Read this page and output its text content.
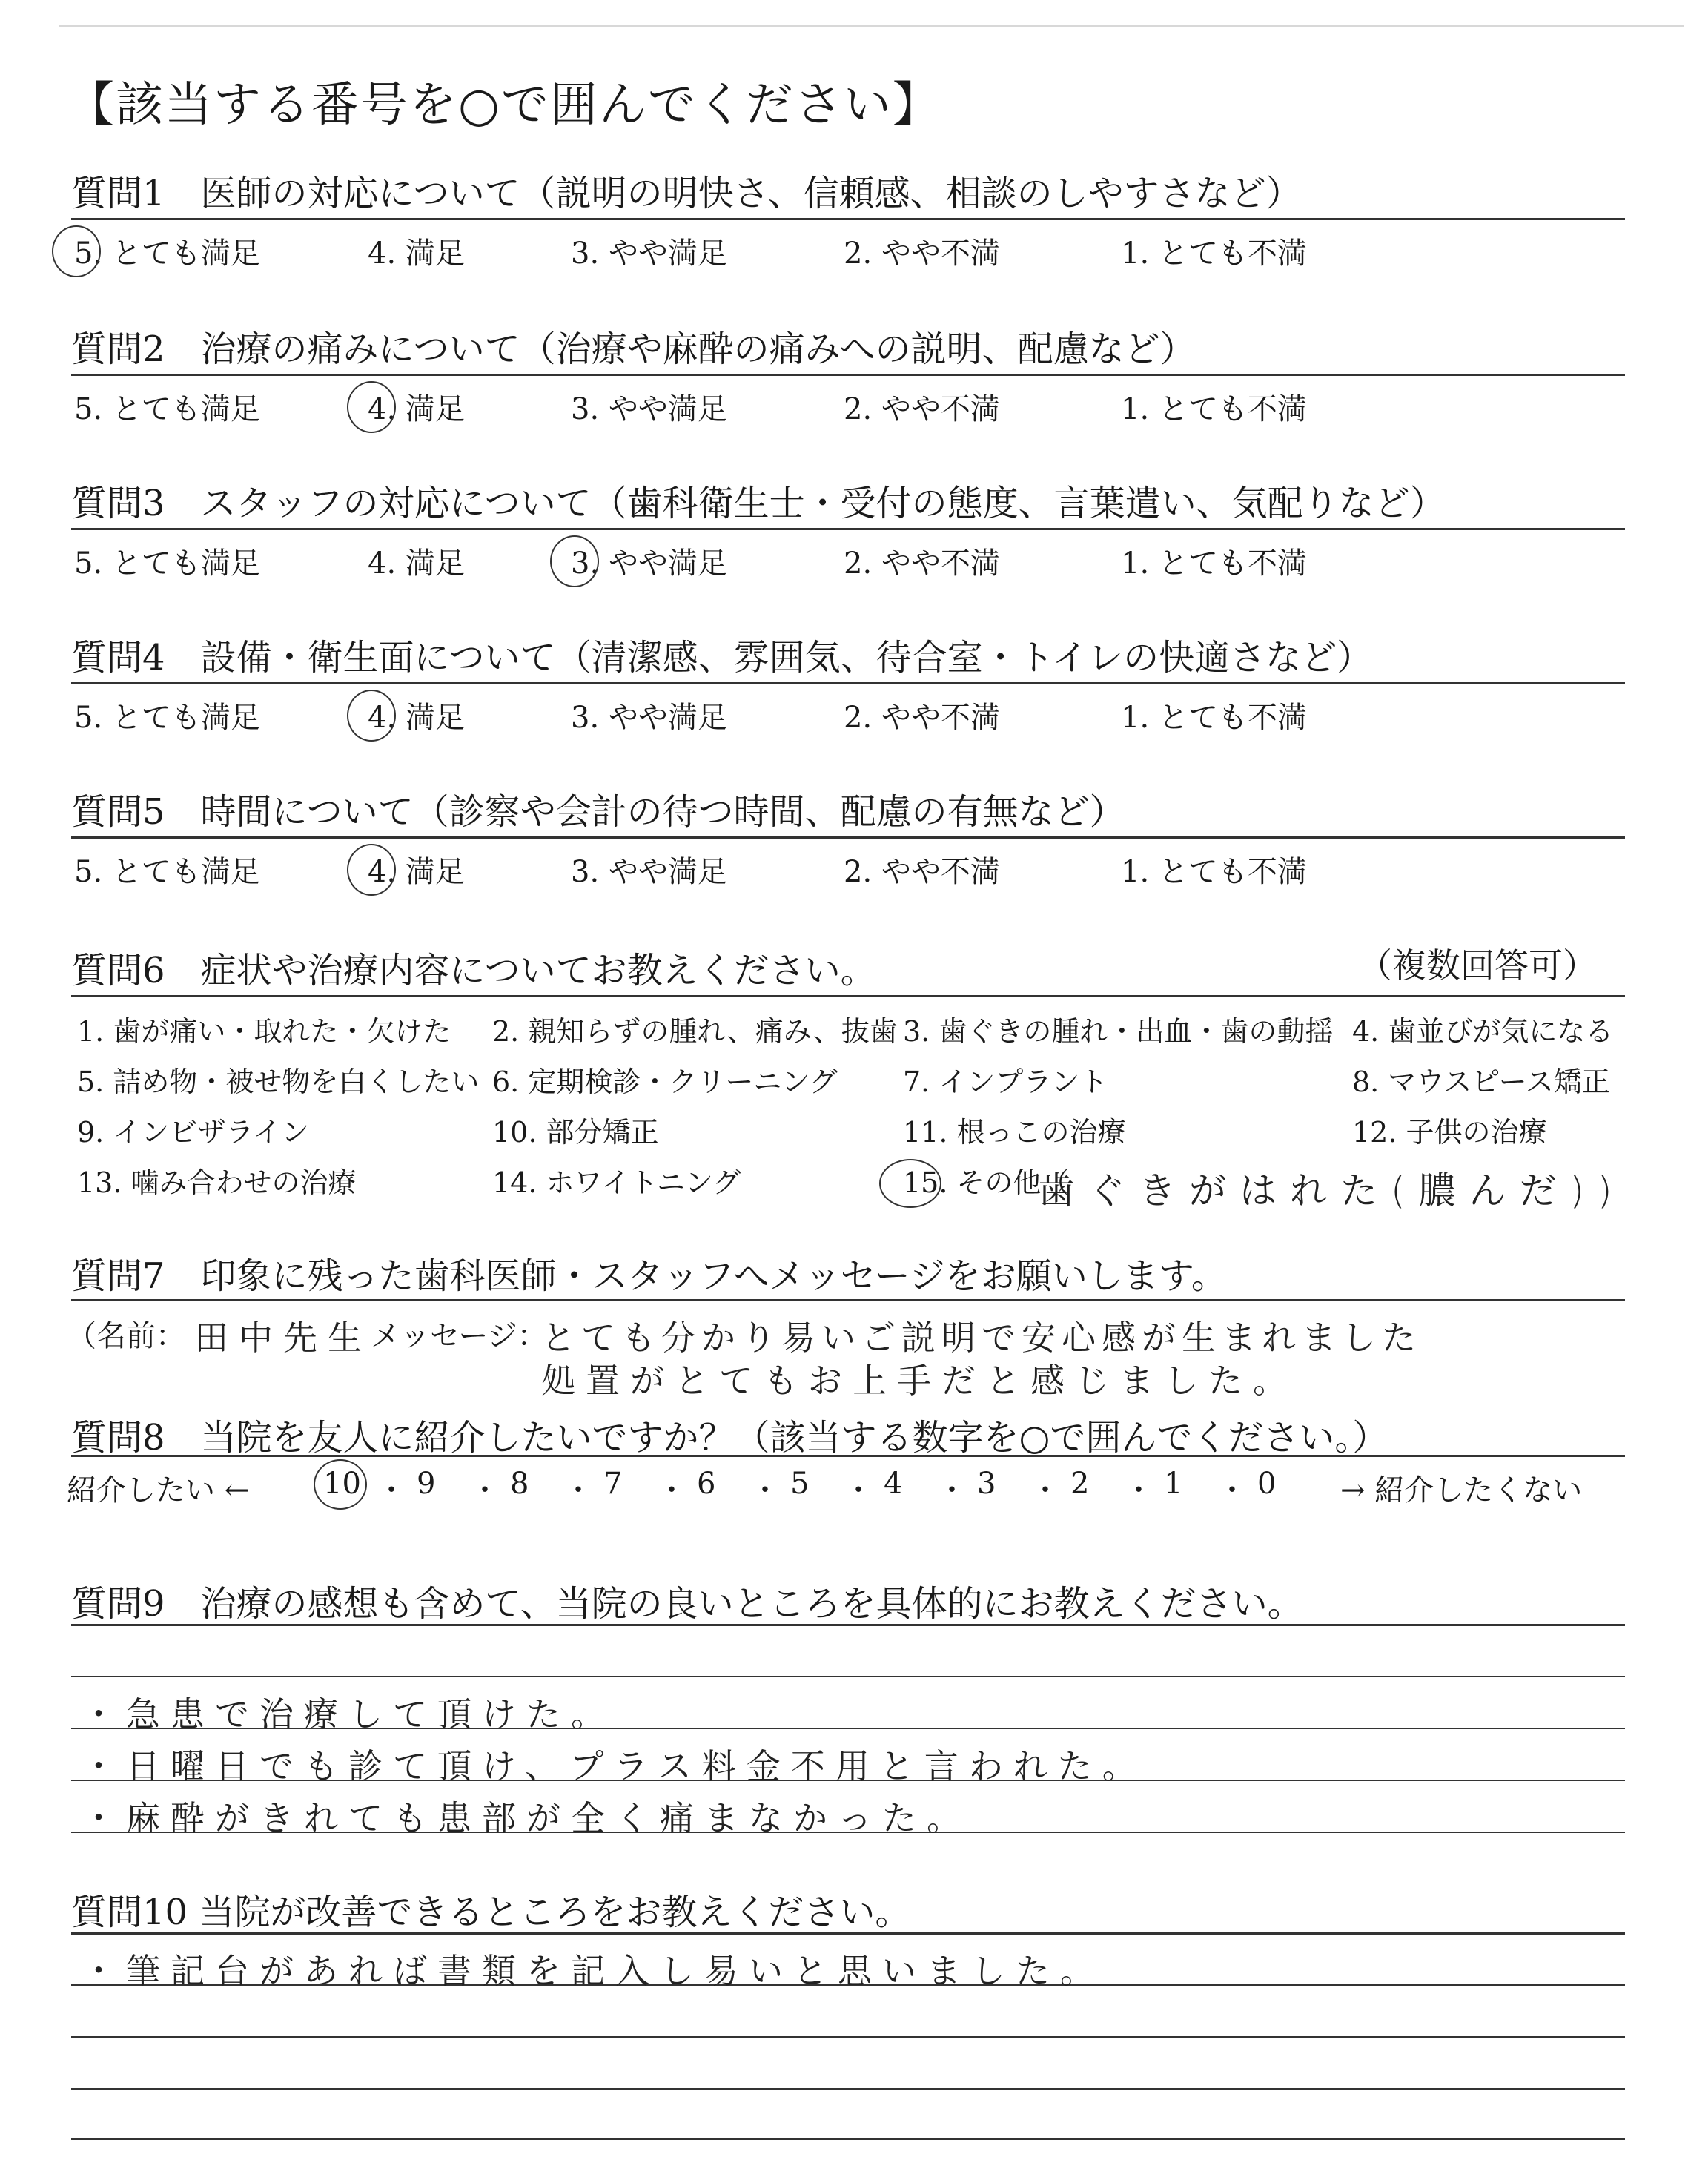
【該当する番号を○で囲んでください】
質問1　医師の対応について（説明の明快さ、信頼感、相談のしやすさなど）
5. とても満足	4. 満足	3. やや満足	2. やや不満	1. とても不満
質問2　治療の痛みについて（治療や麻酔の痛みへの説明、配慮など）
5. とても満足	4. 満足	3. やや満足	2. やや不満	1. とても不満
質問3　スタッフの対応について（歯科衛生士・受付の態度、言葉遣い、気配りなど）
5. とても満足	4. 満足	3. やや満足	2. やや不満	1. とても不満
質問4　設備・衛生面について（清潔感、雰囲気、待合室・トイレの快適さなど）
5. とても満足	4. 満足	3. やや満足	2. やや不満	1. とても不満
質問5　時間について（診察や会計の待つ時間、配慮の有無など）
5. とても満足	4. 満足	3. やや満足	2. やや不満	1. とても不満
質問6　症状や治療内容についてお教えください。	（複数回答可）
1. 歯が痛い・取れた・欠けた 2. 親知らずの腫れ、痛み、抜歯 3. 歯ぐきの腫れ・出血・歯の動揺 4. 歯並びが気になる
5. 詰め物・被せ物を白くしたい 6. 定期検診・クリーニング 7. インプラント	8. マウスピース矯正
9. インビザライン	10. 部分矯正	11. 根っこの治療	12. 子供の治療
13. 噛み合わせの治療	14. ホワイトニング	15. その他（
歯ぐきがはれた(膿んだ))
質問7　印象に残った歯科医師・スタッフへメッセージをお願いします。
（名前： 田中先生
メッセージ：
とても分かり易いご説明で安心感が生まれました
処置がとてもお上手だと感じました。
質問8　当院を友人に紹介したいですか？（該当する数字を○で囲んでください。）
紹介したい ← 10 ・ 9 ・ 8 ・ 7 ・ 6 ・ 5 ・ 4 ・ 3 ・ 2 ・ 1 ・ 0 → 紹介したくない
質問9　治療の感想も含めて、当院の良いところを具体的にお教えください。
・急患で治療して頂けた。
・日曜日でも診て頂け、プラス料金不用と言われた。
・麻酔がきれても患部が全く痛まなかった。
質問10 当院が改善できるところをお教えください。
・筆記台があれば書類を記入し易いと思いました。
